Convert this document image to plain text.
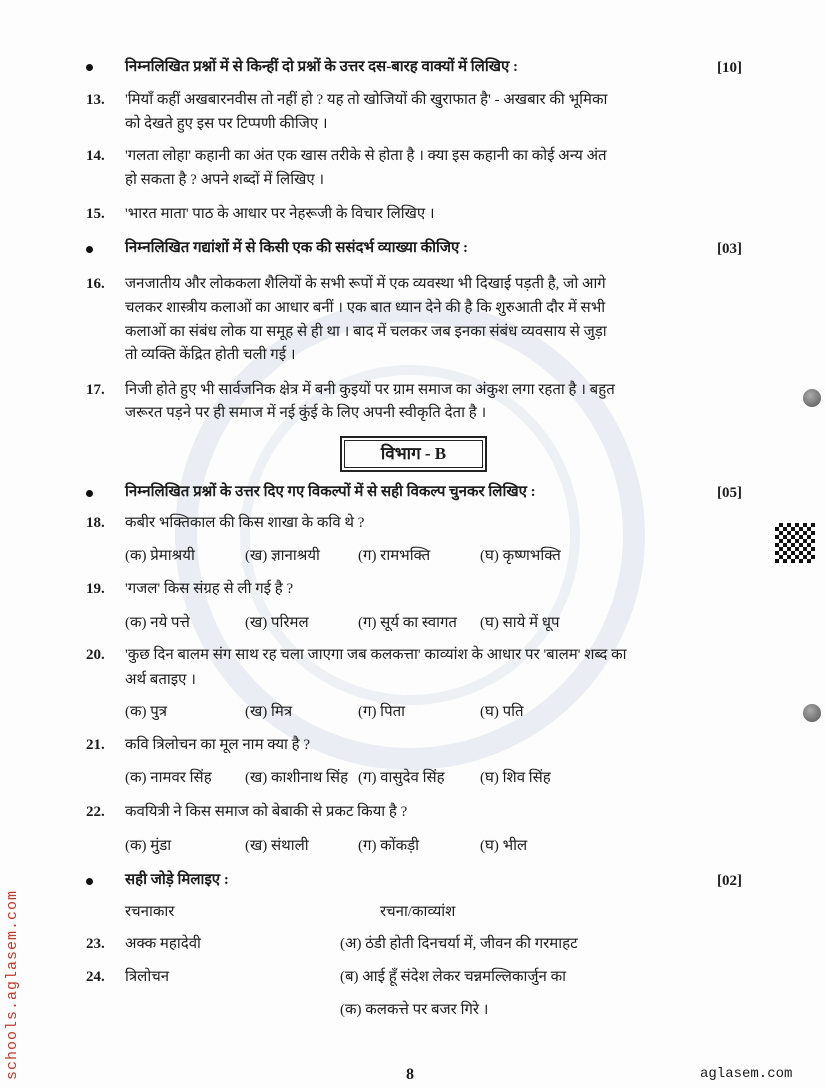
निम्नलिखित प्रश्नों में से किन्हीं दो प्रश्नों के उत्तर दस-बारह वाक्यों में लिखिए :	[10]
13. 'मियाँ कहीं अखबारनवीस तो नहीं हो ? यह तो खोजियों की खुराफात है' - अखबार की भूमिका
को देखते हुए इस पर टिप्पणी कीजिए ।
14. 'गलता लोहा' कहानी का अंत एक खास तरीके से होता है । क्या इस कहानी का कोई अन्य अंत
हो सकता है ? अपने शब्दों में लिखिए ।
15. 'भारत माता' पाठ के आधार पर नेहरूजी के विचार लिखिए ।
निम्नलिखित गद्यांशों में से किसी एक की ससंदर्भ व्याख्या कीजिए :	[03]
16. जनजातीय और लोककला शैलियों के सभी रूपों में एक व्यवस्था भी दिखाई पड़ती है, जो आगे
चलकर शास्त्रीय कलाओं का आधार बनीं । एक बात ध्यान देने की है कि शुरुआती दौर में सभी
कलाओं का संबंध लोक या समूह से ही था । बाद में चलकर जब इनका संबंध व्यवसाय से जुड़ा
तो व्यक्ति केंद्रित होती चली गई ।
17. निजी होते हुए भी सार्वजनिक क्षेत्र में बनी कुइयों पर ग्राम समाज का अंकुश लगा रहता है । बहुत
जरूरत पड़ने पर ही समाज में नई कुंई के लिए अपनी स्वीकृति देता है ।
विभाग - B
निम्नलिखित प्रश्नों के उत्तर दिए गए विकल्पों में से सही विकल्प चुनकर लिखिए :	[05]
18. कबीर भक्तिकाल की किस शाखा के कवि थे ?
(क) प्रेमाश्रयी	(ख) ज्ञानाश्रयी	(ग) रामभक्ति	(घ) कृष्णभक्ति
19. 'गजल' किस संग्रह से ली गई है ?
(क) नये पत्ते	(ख) परिमल	(ग) सूर्य का स्वागत (घ) साये में धूप
20. 'कुछ दिन बालम संग साथ रह चला जाएगा जब कलकत्ता' काव्यांश के आधार पर 'बालम' शब्द का
अर्थ बताइए ।
(क) पुत्र	(ख) मित्र	(ग) पिता	(घ) पति
21. कवि त्रिलोचन का मूल नाम क्या है ?
(क) नामवर सिंह (ख) काशीनाथ सिंह (ग) वासुदेव सिंह (घ) शिव सिंह
22. कवयित्री ने किस समाज को बेबाकी से प्रकट किया है ?
(क) मुंडा	(ख) संथाली	(ग) कोंकड़ी	(घ) भील
सही जोड़े मिलाइए :	[02]
रचनाकार	रचना/काव्यांश
23. अक्क महादेवी	(अ) ठंडी होती दिनचर्या में, जीवन की गरमाहट
24. त्रिलोचन	(ब) आई हूँ संदेश लेकर चन्नमल्लिकार्जुन का
(क) कलकत्ते पर बजर गिरे ।
8
schools.aglasem.com	aglasem.com
